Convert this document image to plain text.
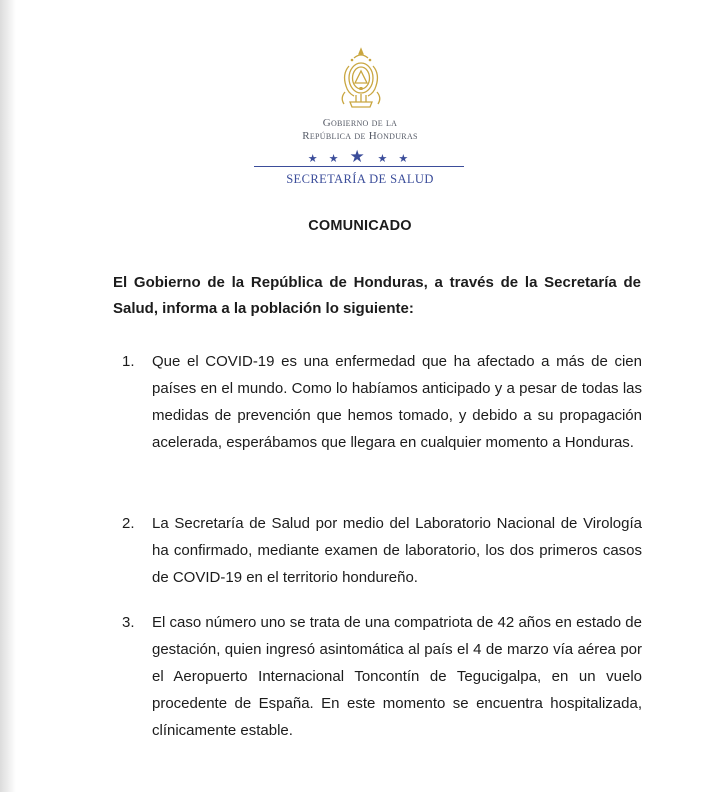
Gobierno de la
República de Honduras
★ ★ ★ ★ ★
SECRETARÍA DE SALUD
COMUNICADO
El Gobierno de la República de Honduras, a través de la Secretaría de Salud, informa a la población lo siguiente:
1.	Que el COVID-19 es una enfermedad que ha afectado a más de cien países en el mundo. Como lo habíamos anticipado y a pesar de todas las medidas de prevención que hemos tomado, y debido a su propagación acelerada, esperábamos que llegara en cualquier momento a Honduras.
2.	La Secretaría de Salud por medio del Laboratorio Nacional de Virología ha confirmado, mediante examen de laboratorio, los dos primeros casos de COVID-19 en el territorio hondureño.
3.	El caso número uno se trata de una compatriota de 42 años en estado de gestación, quien ingresó asintomática al país el 4 de marzo vía aérea por el Aeropuerto Internacional Toncontín de Tegucigalpa, en un vuelo procedente de España. En este momento se encuentra hospitalizada, clínicamente estable.
